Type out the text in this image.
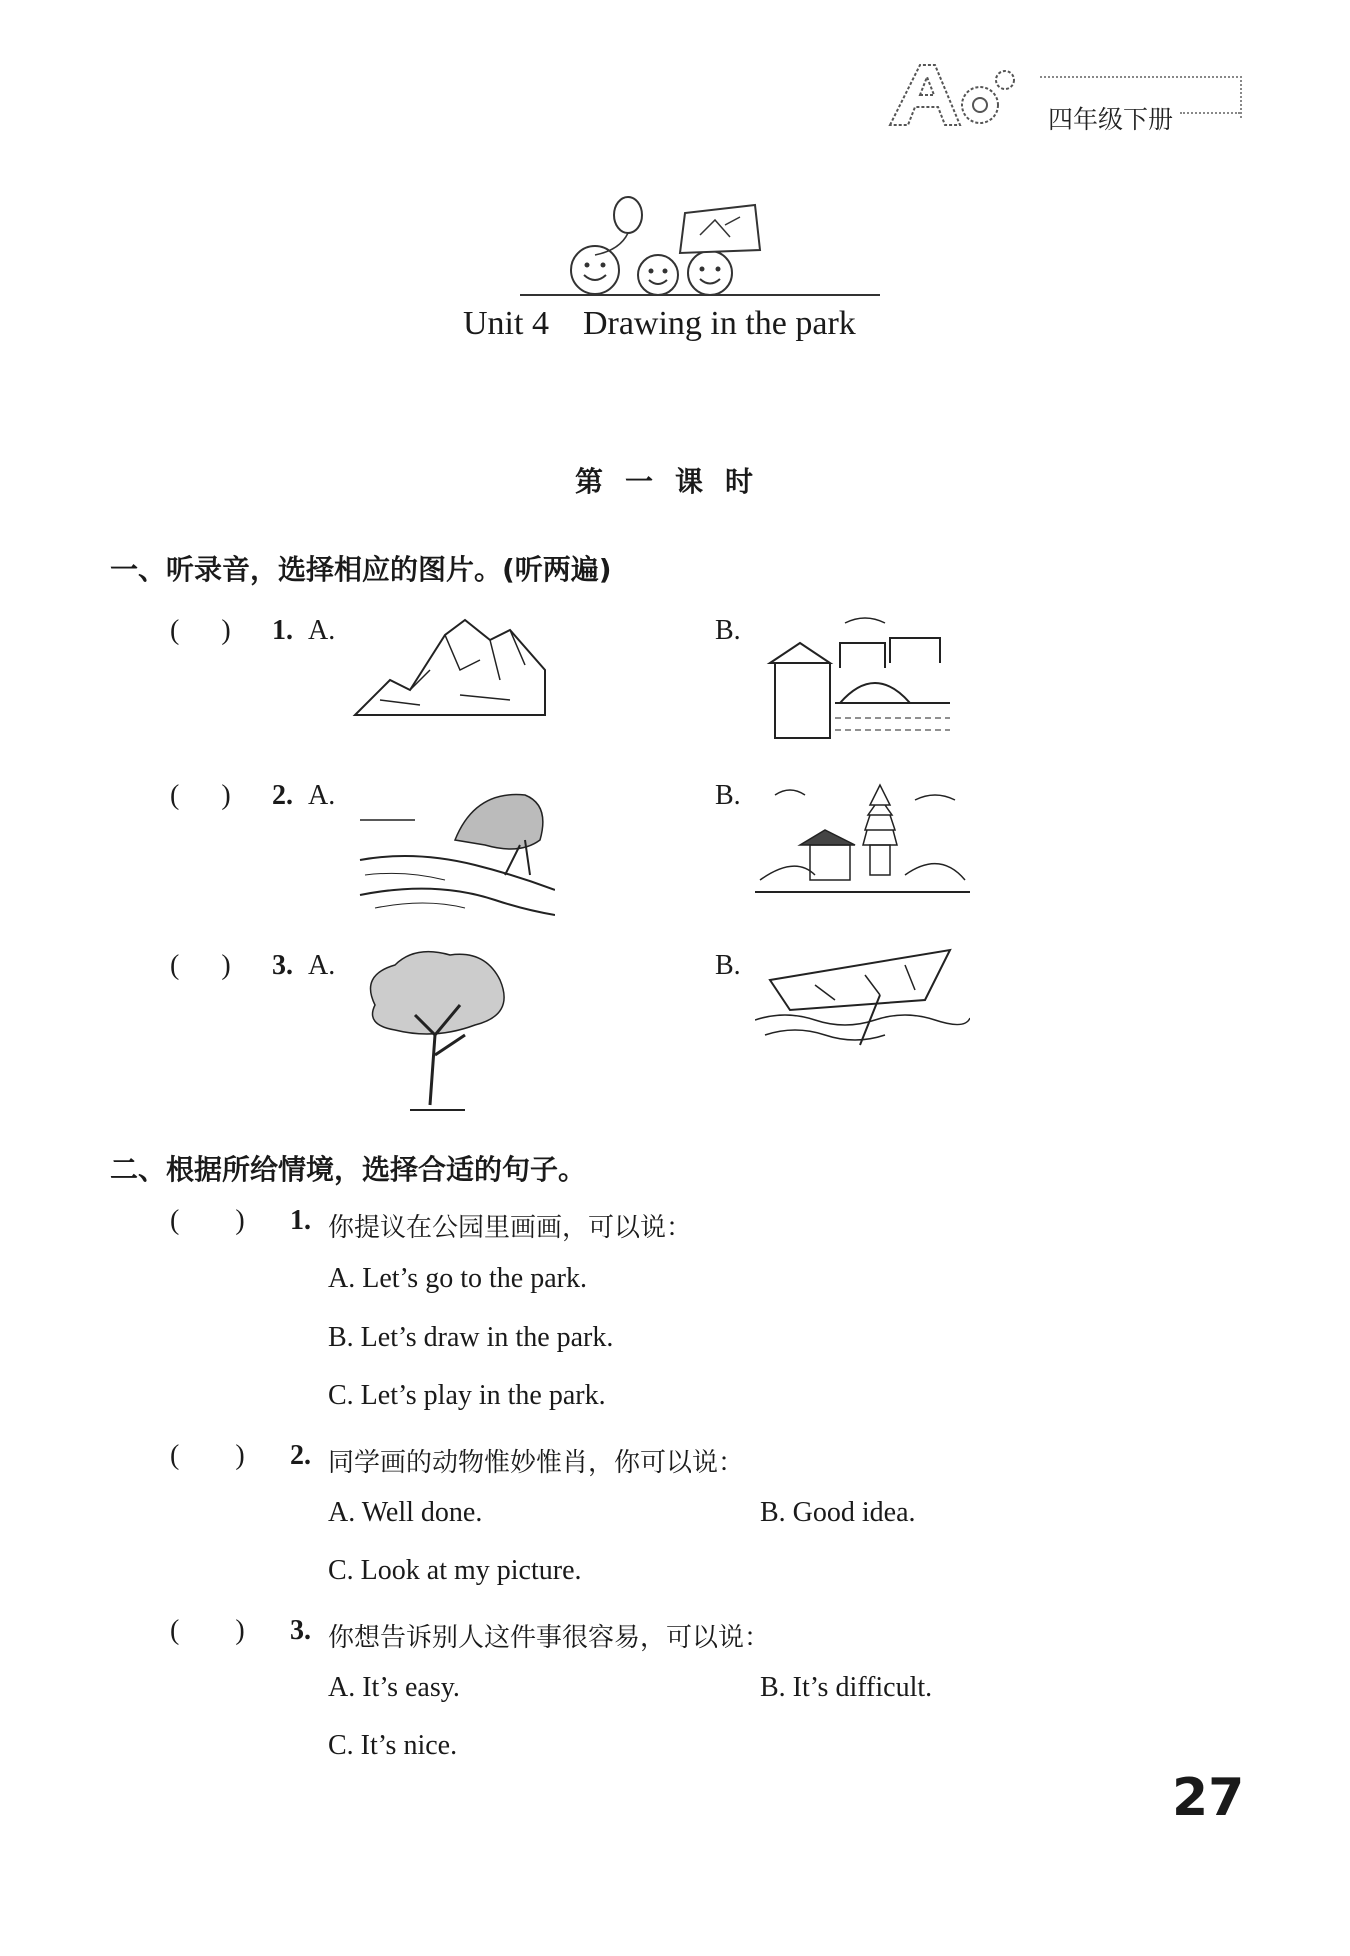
四年级下册
Unit 4    Drawing in the park
第一课时
一、听录音，选择相应的图片。(听两遍)
(      ) 1. A.	B.
(      ) 2. A.	B.
(      ) 3. A.	B.
二、根据所给情境，选择合适的句子。
(        ) 1. 你提议在公园里画画，可以说：
A. Let’s go to the park.
B. Let’s draw in the park.
C. Let’s play in the park.
(        ) 2. 同学画的动物惟妙惟肖，你可以说：
A. Well done.	B. Good idea.
C. Look at my picture.
(        ) 3. 你想告诉别人这件事很容易，可以说：
A. It’s easy.	B. It’s difficult.
C. It’s nice.
27
